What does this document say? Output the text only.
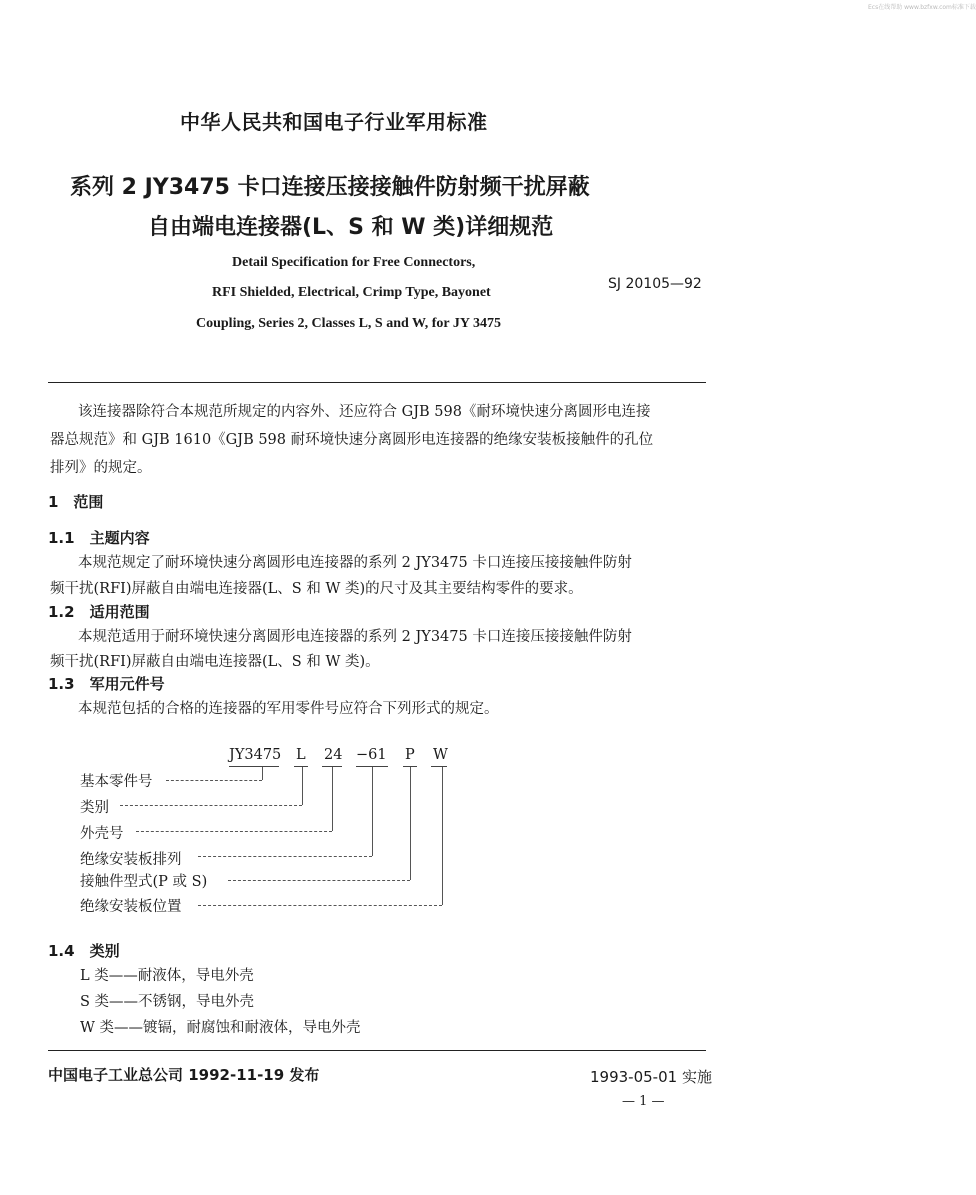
Ecs在线帮助 www.bzfxw.com标准下载
中华人民共和国电子行业军用标准
系列 2 JY3475 卡口连接压接接触件防射频干扰屏蔽
自由端电连接器(L、S 和 W 类)详细规范
Detail Specification for Free Connectors,
RFI Shielded, Electrical, Crimp Type, Bayonet
Coupling, Series 2, Classes L, S and W, for JY 3475
SJ 20105—92
该连接器除符合本规范所规定的内容外、还应符合 GJB 598《耐环境快速分离圆形电连接
器总规范》和 GJB 1610《GJB 598 耐环境快速分离圆形电连接器的绝缘安装板接触件的孔位
排列》的规定。
1　范围
1.1　主题内容
本规范规定了耐环境快速分离圆形电连接器的系列 2 JY3475 卡口连接压接接触件防射
频干扰(RFI)屏蔽自由端电连接器(L、S 和 W 类)的尺寸及其主要结构零件的要求。
1.2　适用范围
本规范适用于耐环境快速分离圆形电连接器的系列 2 JY3475 卡口连接压接接触件防射
频干扰(RFI)屏蔽自由端电连接器(L、S 和 W 类)。
1.3　军用元件号
本规范包括的合格的连接器的军用零件号应符合下列形式的规定。
JY3475 L 24 −61 P W
基本零件号
类别
外壳号
绝缘安装板排列
接触件型式(P 或 S)
绝缘安装板位置
1.4　类别
L 类——耐液体，导电外壳
S 类——不锈钢，导电外壳
W 类——镀镉，耐腐蚀和耐液体，导电外壳
中国电子工业总公司 1992-11-19 发布	1993-05-01 实施
— 1 —
